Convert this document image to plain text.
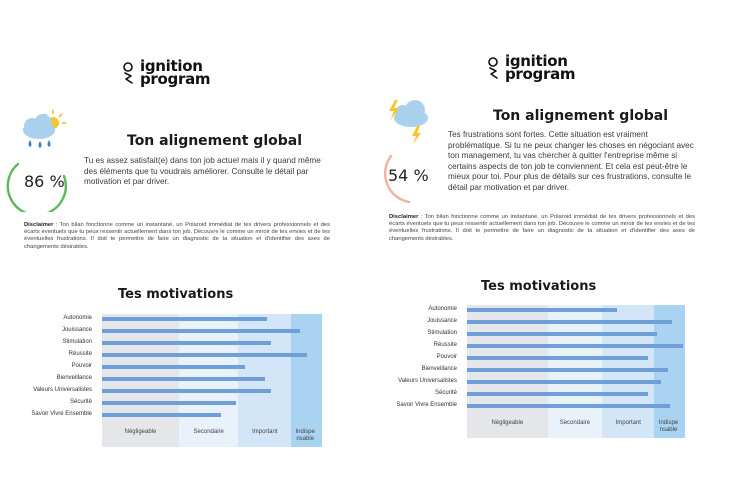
ignition
program
86 %
Ton alignement global
Tu es assez satisfait(e) dans ton job actuel mais il y quand même des éléments que tu voudrais améliorer. Consulte le détail par motivation et par driver.
Disclaimer : Ton bilan fonctionne comme un instantané, un Polaroid immédiat de tes drivers professionnels et des écarts éventuels que tu peux ressentir actuellement dans ton job. Découvre le comme un miroir de tes envies et de tes éventuelles frustrations. Il doit te permettre de faire un diagnostic de ta situation et d'identifier des axes de changements désirables.
Tes motivations
Négligeable	Secondaire	Important	Indispe nsable
Autonomie
Jouissance
Stimulation
Réussite
Pouvoir
Bienveillance
Valeurs Universalistes
Sécurité
Savoir Vivre Ensemble
ignition
program
54 %
Ton alignement global
Tes frustrations sont fortes. Cette situation est vraiment problématique. Si tu ne peux changer les choses en négociant avec ton management, tu vas chercher à quitter l'entreprise même si certains aspects de ton job te conviennent. Et cela est peut-être le mieux pour toi. Pour plus de détails sur ces frustrations, consulte le détail par motivation et par driver.
Disclaimer : Ton bilan fonctionne comme un instantané, un Polaroid immédiat de tes drivers professionnels et des écarts éventuels que tu peux ressentir actuellement dans ton job. Découvre le comme un miroir de tes envies et de tes éventuelles frustrations. Il doit te permettre de faire un diagnostic de ta situation et d'identifier des axes de changements désirables.
Tes motivations
Négligeable	Secondaire	Important	Indispe nsable
Autonomie
Jouissance
Stimulation
Réussite
Pouvoir
Bienveillance
Valeurs Universalistes
Sécurité
Savoir Vivre Ensemble
